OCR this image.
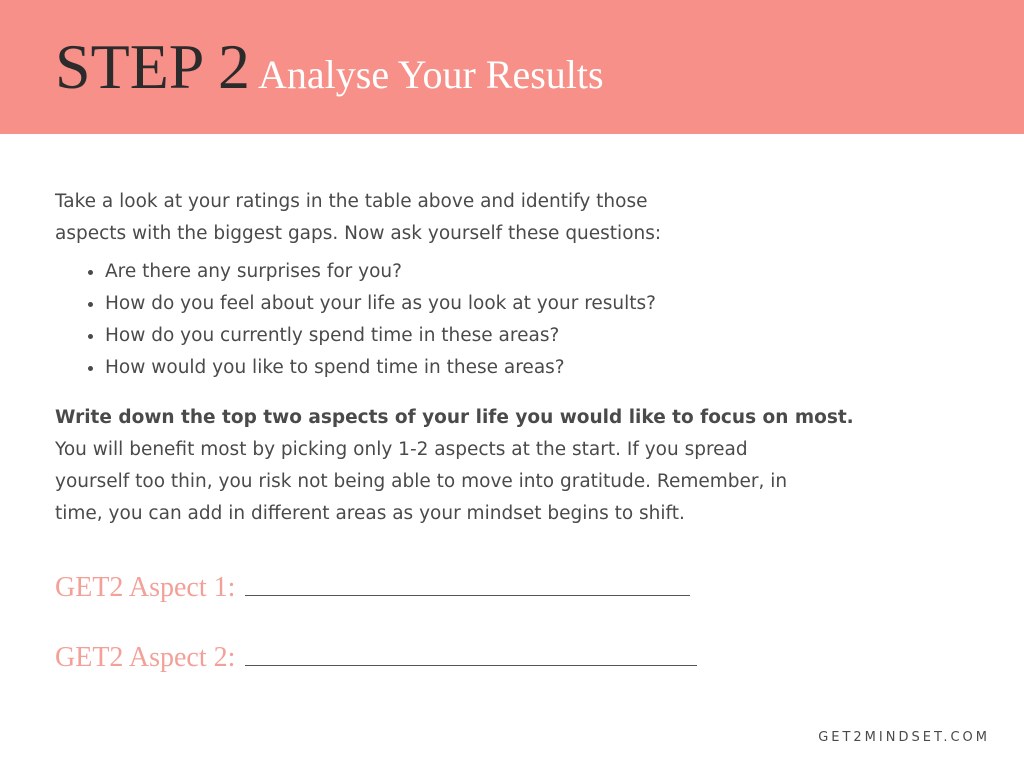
STEP 2 Analyse Your Results

Take a look at your ratings in the table above and identify those

aspects with the biggest gaps. Now ask yourself these questions:

• Are there any surprises for you?
• How do you feel about your life as you look at your results?
• How do you currently spend time in these areas?
• How would you like to spend time in these areas?

Write down the top two aspects of your life you would like to focus on most.

You will benefit most by picking only 1-2 aspects at the start. If you spread

yourself too thin, you risk not being able to move into gratitude. Remember, in

time, you can add in different areas as your mindset begins to shift.

GET2 Aspect 1:
GET2 Aspect 2:
GET2MINDSET.COM
